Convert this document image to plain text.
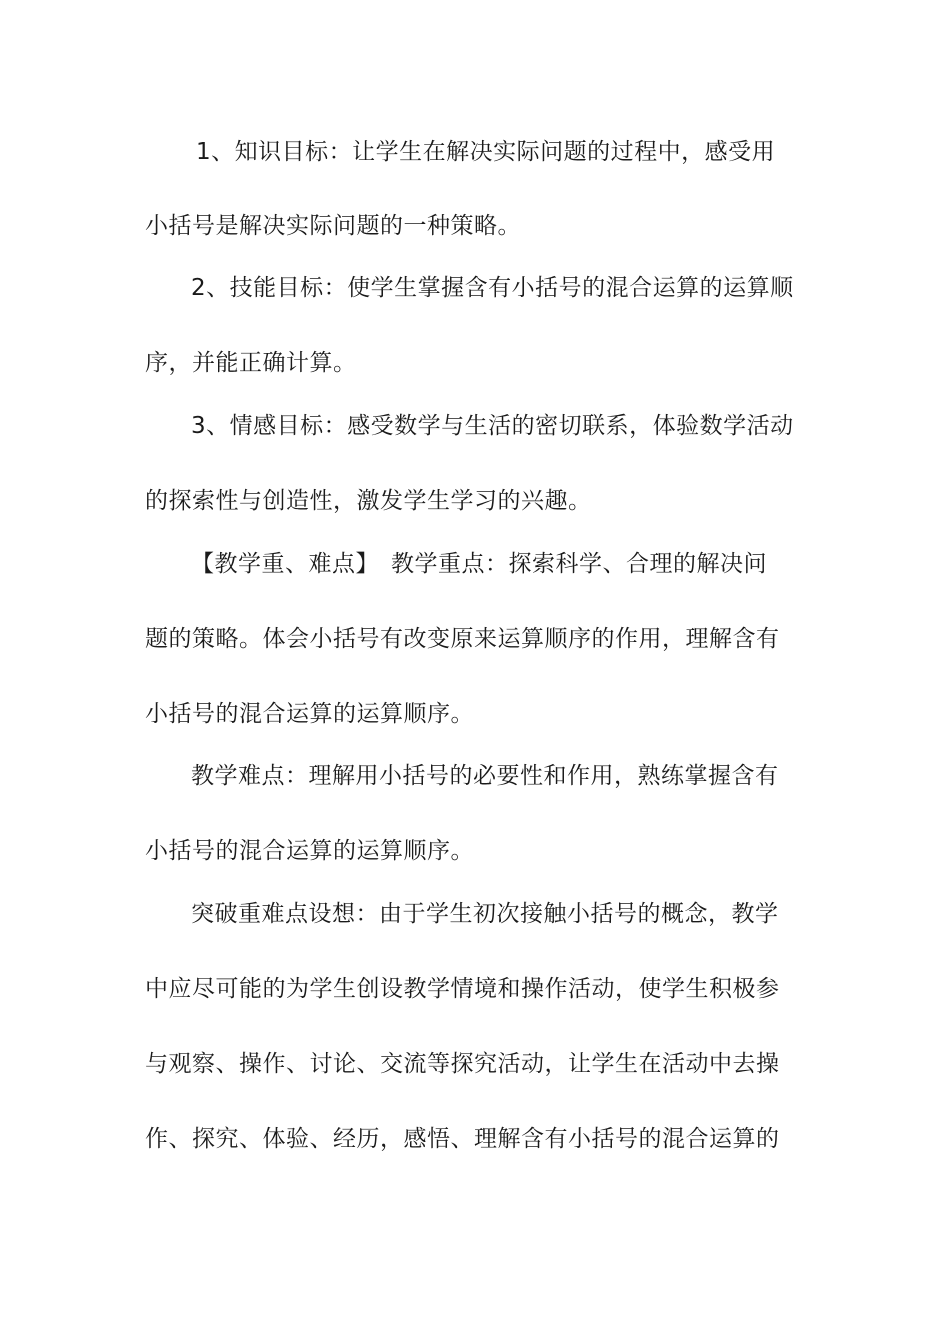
1、知识目标：让学生在解决实际问题的过程中，感受用
小括号是解决实际问题的一种策略。
2、技能目标：使学生掌握含有小括号的混合运算的运算顺
序，并能正确计算。
3、情感目标：感受数学与生活的密切联系，体验数学活动
的探索性与创造性，激发学生学习的兴趣。
【教学重、难点】　教学重点：探索科学、合理的解决问
题的策略。体会小括号有改变原来运算顺序的作用，理解含有
小括号的混合运算的运算顺序。
教学难点：理解用小括号的必要性和作用，熟练掌握含有
小括号的混合运算的运算顺序。
突破重难点设想：由于学生初次接触小括号的概念，教学
中应尽可能的为学生创设教学情境和操作活动，使学生积极参
与观察、操作、讨论、交流等探究活动，让学生在活动中去操
作、探究、体验、经历，感悟、理解含有小括号的混合运算的
